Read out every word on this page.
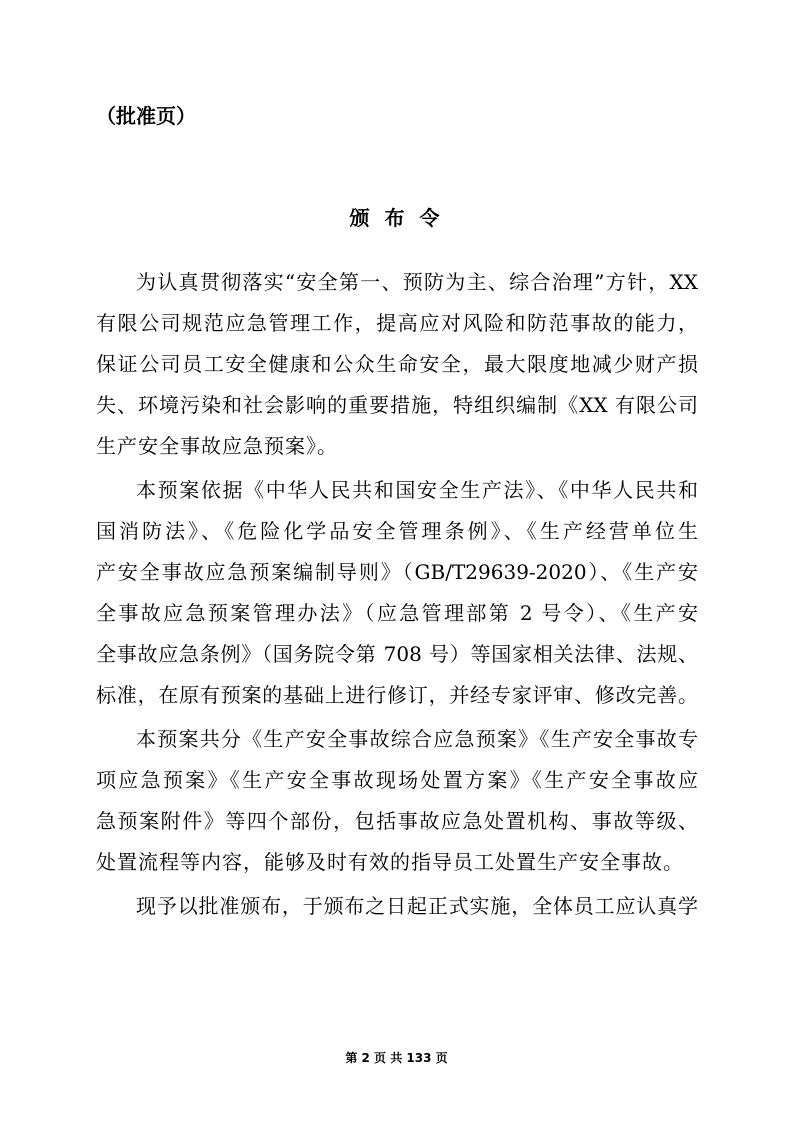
（批准页）
颁 布 令
为认真贯彻落实“安全第一、预防为主、综合治理”方针，XX
有限公司规范应急管理工作，提高应对风险和防范事故的能力，
保证公司员工安全健康和公众生命安全，最大限度地减少财产损
失、环境污染和社会影响的重要措施，特组织编制《XX 有限公司
生产安全事故应急预案》。
本预案依据《中华人民共和国安全生产法》、《中华人民共和
国消防法》、《危险化学品安全管理条例》、《生产经营单位生
产安全事故应急预案编制导则》（GB/T29639-2020）、《生产安
全事故应急预案管理办法》（应急管理部第 2 号令）、《生产安
全事故应急条例》（国务院令第 708 号）等国家相关法律、法规、
标准，在原有预案的基础上进行修订，并经专家评审、修改完善。
本预案共分《生产安全事故综合应急预案》《生产安全事故专
项应急预案》《生产安全事故现场处置方案》《生产安全事故应
急预案附件》等四个部份，包括事故应急处置机构、事故等级、
处置流程等内容，能够及时有效的指导员工处置生产安全事故。
现予以批准颁布，于颁布之日起正式实施，全体员工应认真学
第 2 页 共 133 页
